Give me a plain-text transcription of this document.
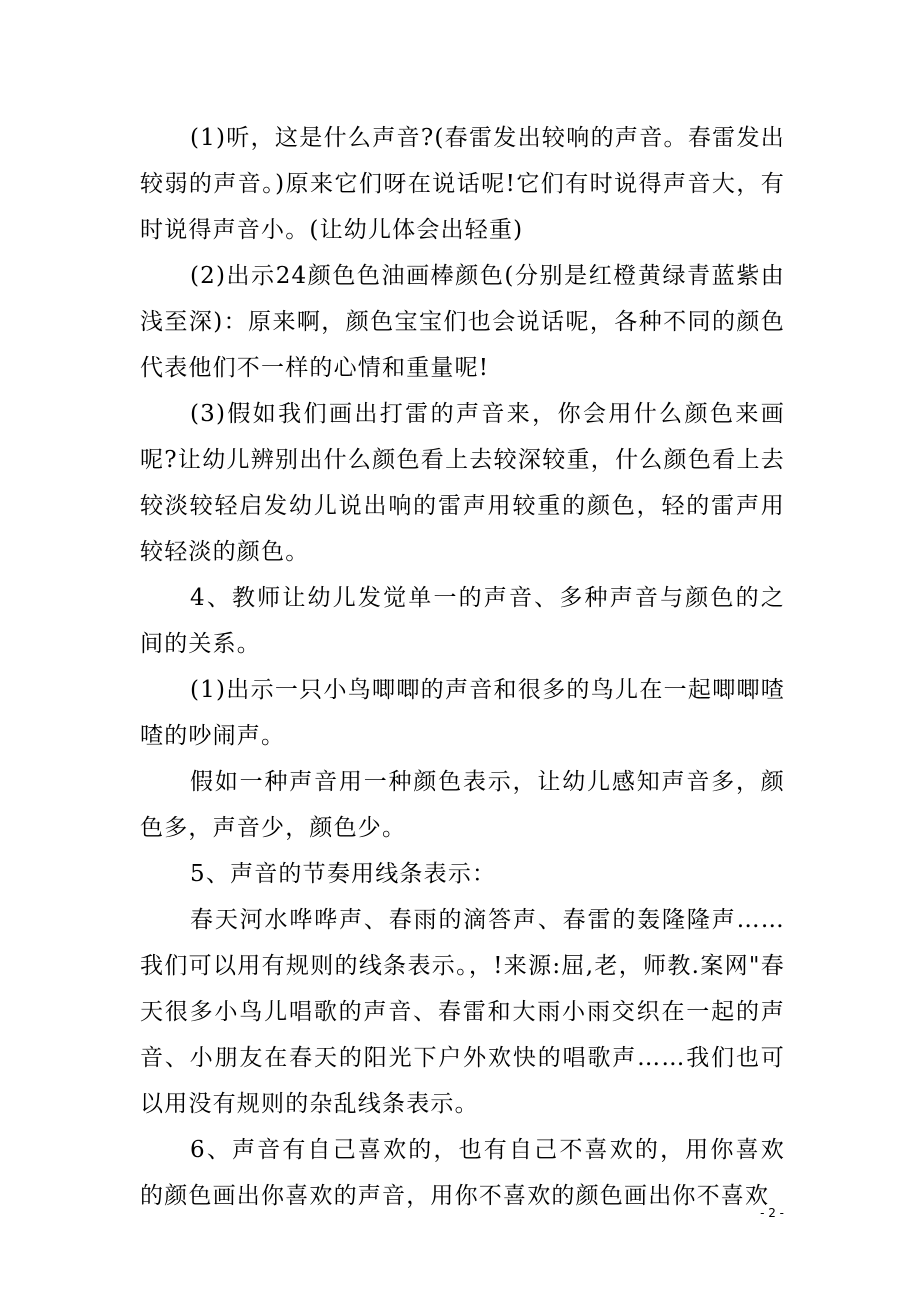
(1)听，这是什么声音?(春雷发出较响的声音。春雷发出较弱的声音。)原来它们呀在说话呢!它们有时说得声音大，有时说得声音小。(让幼儿体会出轻重)

(2)出示24颜色色油画棒颜色(分别是红橙黄绿青蓝紫由浅至深)：原来啊，颜色宝宝们也会说话呢，各种不同的颜色代表他们不一样的心情和重量呢!

(3)假如我们画出打雷的声音来，你会用什么颜色来画呢?让幼儿辨别出什么颜色看上去较深较重，什么颜色看上去较淡较轻启发幼儿说出响的雷声用较重的颜色，轻的雷声用较轻淡的颜色。

4、教师让幼儿发觉单一的声音、多种声音与颜色的之间的关系。

(1)出示一只小鸟唧唧的声音和很多的鸟儿在一起唧唧喳喳的吵闹声。

假如一种声音用一种颜色表示，让幼儿感知声音多，颜色多，声音少，颜色少。

5、声音的节奏用线条表示：

春天河水哗哗声、春雨的滴答声、春雷的轰隆隆声……我们可以用有规则的线条表示。，!来源:屈,老，师教.案网"春天很多小鸟儿唱歌的声音、春雷和大雨小雨交织在一起的声音、小朋友在春天的阳光下户外欢快的唱歌声……我们也可以用没有规则的杂乱线条表示。

6、声音有自己喜欢的，也有自己不喜欢的，用你喜欢的颜色画出你喜欢的声音，用你不喜欢的颜色画出你不喜欢

- 2 -
